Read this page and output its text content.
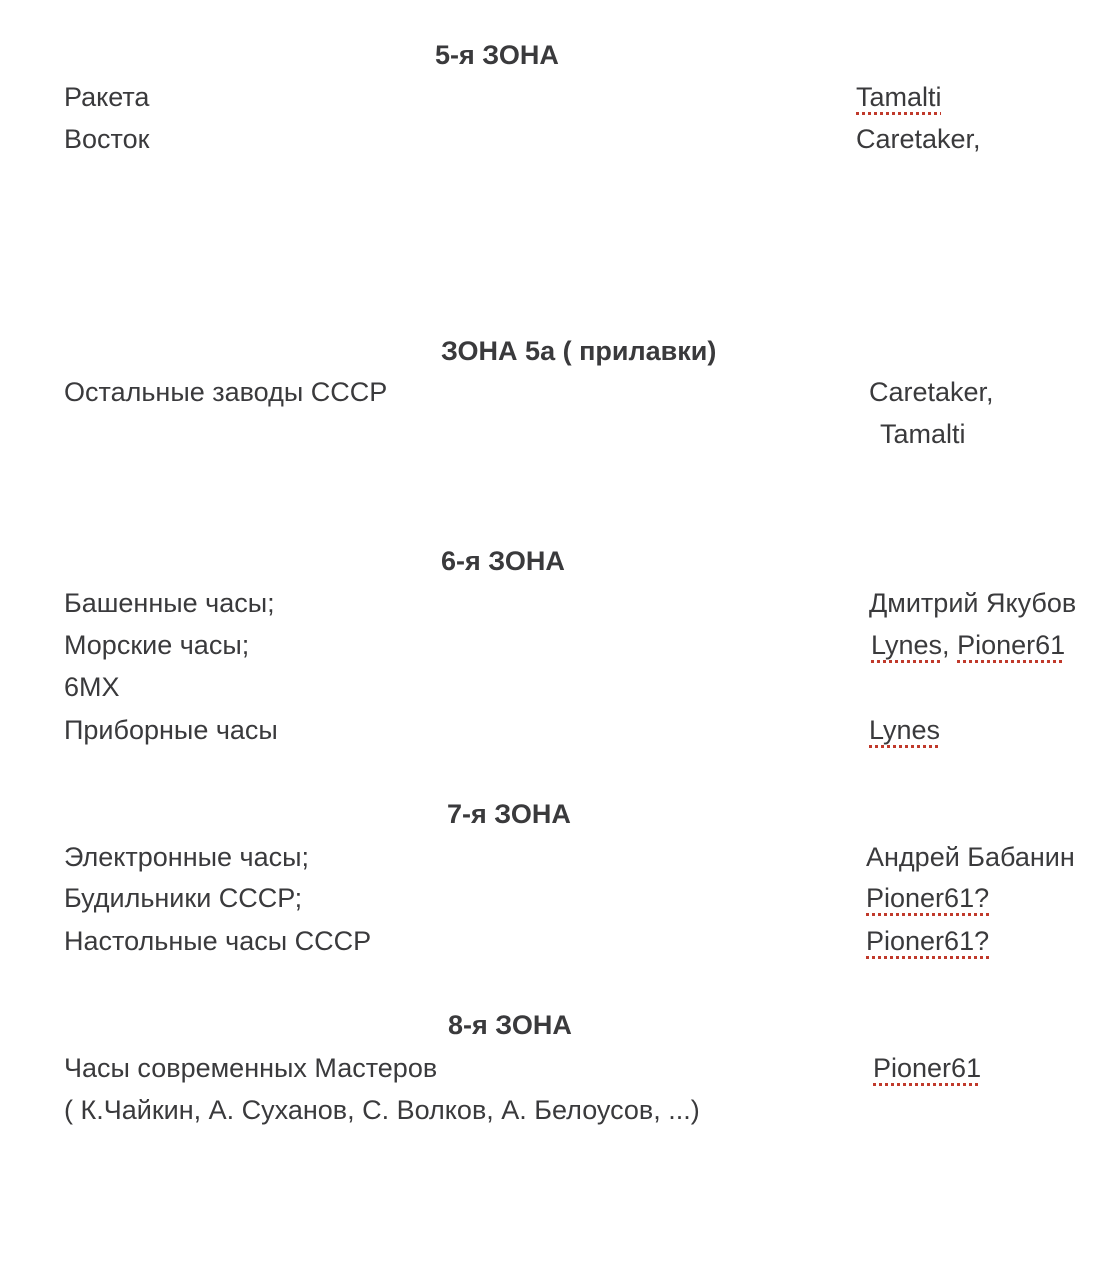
5-я ЗОНА
Ракета
Восток
Tamalti
Caretaker,
ЗОНА 5а ( прилавки)
Остальные заводы СССР	Caretaker,
Tamalti
6-я ЗОНА
Башенные часы;
Морские часы;
6МХ
Приборные часы
Дмитрий Якубов
Lynes, Pioner61
Lynes
7-я ЗОНА
Электронные часы;
Будильники СССР;
Настольные часы СССР
Андрей Бабанин
Pioner61?
Pioner61?
8-я ЗОНА
Часы современных Мастеров
( К.Чайкин, А. Суханов, С. Волков, А. Белоусов, ...)
Pioner61
